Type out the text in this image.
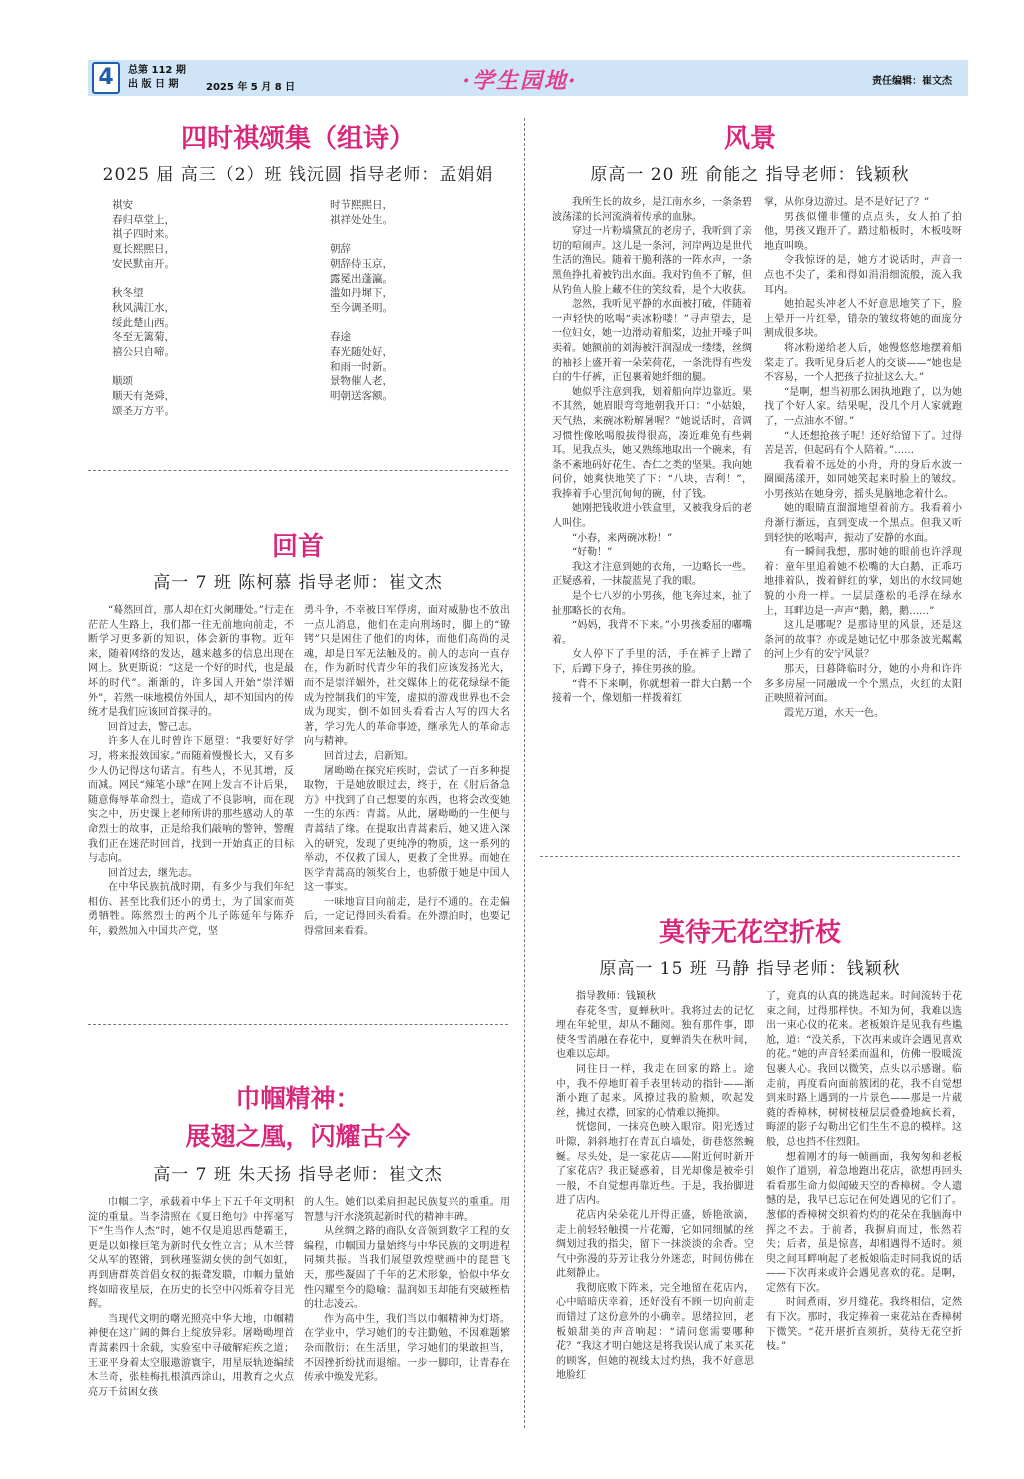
4	总第 112 期
出 版 日 期	2025 年 5 月 8 日	·学生园地·	责任编辑：崔文杰
四时祺颂集（组诗）
2025 届 高三（2）班 钱沅圆 指导老师：孟娟娟
祺安
春归草堂上，
祺子四时来。
夏长熙熙日，
安民默亩开。

秋冬望
秋风满江水，
绥此楚山西。
冬至无篱菊，
禧公只自啼。

顺颂
顺天有尧舜，
颂圣万方平。
时节熙熙日，
祺祥处处生。

朝辞
朝辞侍玉京，
露冕出蓬瀛。
滥如丹墀下，
至今调圣明。

春途
春光随处好，
和雨一时新。
景物催人老，
明朝送客额。
回首
高一 7 班 陈柯慕 指导老师：崔文杰

“蓦然回首，那人却在灯火阑珊处。”行走在茫茫人生路上，我们都一往无前地向前走，不断学习更多新的知识，体会新的事物。近年来，随着网络的发达，越来越多的信息出现在网上。狄更斯说：“这是一个好的时代，也是最坏的时代”。渐渐的，许多国人开始“崇洋媚外”，若然一味地模仿外国人，却不知国内的传统才是我们应该回首探寻的。

回首过去，警己志。

许多人在儿时曾许下愿望：“我要好好学习，将来报效国家。”而随着慢慢长大，又有多少人仍记得这句诺言。有些人，不见其增，反而减。网民“辣笔小球”在网上发言不计后果，随意侮辱革命烈士，造成了不良影响，而在现实之中，历史课上老师所讲的那些感动人的革命烈士的故事，正是给我们敲响的警钟，警醒我们正在迷茫时回首，找到一开始真正的目标与志向。

回首过去，继先志。

在中华民族抗战时期，有多少与我们年纪相仿、甚至比我们还小的勇士，为了国家而英勇牺牲。陈然烈士的两个儿子陈延年与陈乔年，毅然加入中国共产党，坚

勇斗争，不幸被日军俘虏，面对威胁也不放出一点儿消息，他们在走向刑场时，脚上的“镣铐”只是困住了他们的肉体，而他们高尚的灵魂，却是日军无法触及的。前人的志向一直存在，作为新时代青少年的我们应该发扬光大，而不是崇洋媚外，社交媒体上的花花绿绿不能成为控制我们的牢笼，虚拟的游戏世界也不会成为现实，倒不如回头看看古人写的四大名著，学习先人的革命事迹，继承先人的革命志向与精神。

回首过去，启新知。

屠呦呦在探究疟疾时，尝试了一百多种提取物，于是她放眼过去，终于，在《肘后备急方》中找到了自己想要的东西，也将会改变她一生的东西：青蒿。从此，屠呦呦的一生便与青蒿结了缘。在提取出青蒿素后，她又进入深入的研究，发现了更纯净的物质，这一系列的举动，不仅救了国人，更救了全世界。而她在医学青蒿高的领奖台上，也骄傲于她是中国人这一事实。

一味地盲目向前走，是行不通的。在走偏后，一定记得回头看看。在外漂泊时，也要记得常回来看看。

巾帼精神：
展翅之凰，闪耀古今
高一 7 班 朱天扬 指导老师：崔文杰

巾帼二字，承载着中华上下五千年文明积淀的重量。当李清照在《夏日绝句》中挥毫写下“生当作人杰”时，她不仅是追思西楚霸王，更是以如椽巨笔为新时代女性立言；从木兰替父从军的铿锵，到秋瑾鉴湖女侠的剑气如虹，再到唐群英首倡女权的振聋发聩，巾帼力量始终如暗夜星辰，在历史的长空中闪烁着夺目光辉。

当现代文明的曙光照亮中华大地，巾帼精神便在这广阔的舞台上绽放异彩。屠呦呦埋首青蒿素四十余载，实验室中寻破解疟疾之道；王亚平身着太空服遨游寰宇，用星辰轨迹编续木兰奇，张桂梅扎根滇西涂山，用教育之火点亮万千贫困女孩

的人生。她们以柔肩担起民族复兴的重重。用智慧与汗水浇筑起新时代的精神丰碑。

从丝绸之路的商队女音领到数字工程的女编程，巾帼国力量始终与中华民族的文明进程同频共振。当我们展望敦煌壁画中的琵琶飞天，那些凝固了千年的艺术形象，恰似中华女性闪耀至今的隐喻：温润如玉却能有突破桎梏的壮志凌云。

作为高中生，我们当以巾帼精神为灯塔。在学业中，学习她们的专注勤勉，不因难题繁杂而散衍；在生活里，学习她们的果敢担当，不因挫折纷扰而退缩。一步一脚印，让青春在传承中焕发光彩。

风景
原高一 20 班 俞能之 指导老师：钱颖秋

我所生长的故乡，是江南水乡，一条条碧波荡漾的长河流淌着传承的血脉。

穿过一片粉墙黛瓦的老房子，我听到了亲切的喧闹声。这儿是一条河，河岸两边是世代生活的渔民。随着干脆利落的一阵水声，一条黑鱼挣扎着被钓出水面。我对钓鱼不了解，但从钓鱼人脸上藏不住的笑纹看，是个大收获。

忽然，我听见平静的水面被打破，伴随着一声轻快的吆喝“卖冰粉喽！”寻声望去，是一位妇女，她一边滑动着船桨，边扯开嗓子叫卖着。她额前的刘海被汗润湿成一缕缕，丝绸的袖衫上盛开着一朵荣荷花，一条洗得有些发白的牛仔裤，正包裹着她纤细的腿。

她似乎注意到我，划着船向岸边靠近。果不其然，她眉眼弯弯地朝我开口：“小姑娘，天气热，来碗冰粉解暑喔？”她说话时，音调习惯性像吆喝般拔得很高，凑近难免有些刺耳。见我点头，她又熟练地取出一个碗来，有条不紊地码好花生、杏仁之类的坚果。我向她问价，她爽快地笑了下：“八块，吉利！”，我捧着手心里沉甸甸的碗，付了钱。

她刚把钱收进小铁盒里，又被我身后的老人叫住。

“小春，来两碗冰粉！”

“好勒！”

我这才注意到她的衣角，一边略长一些。正疑惑着，一抹靛蓝晃了我的眼。

是个七八岁的小男孩，他飞奔过来，扯了扯那略长的衣角。

“妈妈，我背不下来。”小男孩委屈的嘟嘴着。

女人停下了手里的活，手在裤子上蹭了下，后蹲下身子，捧住男孩的脸。

“背不下来啊，你就想着一群大白鹅一个接着一个，像划船一样拨着红

掌，从你身边游过。是不是好记了？”

男孩似懂非懂的点点头，女人拍了拍他，男孩又跑开了。踏过船板时，木板吱呀地直叫唤。

令我惊讶的是，她方才说话时，声音一点也不尖了，柔和得如涓涓细流般，流入我耳内。

她拍起头冲老人不好意思地笑了下，脸上晕开一片红晕，错杂的皱纹将她的面庞分割成很多块。

将冰粉递给老人后，她慢悠悠地摆着船桨走了。我听见身后老人的交谈——“她也是不容易，一个人把孩子拉扯这么大。”

“是啊，想当初那么困执地跑了，以为她找了个好人家。结果呢，没几个月人家就跑了，一点油水不留。”

“人还想抢孩子呢！还好给留下了。过得苦是苦，但起码有个人陪着。”……

我看着不远处的小舟，舟的身后水波一圈圈荡漾开，如同她笑起来时脸上的皱纹。小男孩站在她身旁，摇头晃脑地念着什么。

她的眼睛直溜溜地望着前方。我看着小舟渐行渐远，直到变成一个黑点。但我又听到轻快的吆喝声，振动了安静的水面。

有一瞬间我想，那时她的眼前也许浮现着：童年里追着她不松嘴的大白鹅，正乖巧地排着队，拨着鲜红的掌，划出的水纹同她貌的小舟一样。一层层蓬松的毛浮在绿水上，耳畔边是一声声“鹅，鹅，鹅……”

这儿是哪呢？是那诗里的风景，还是这条河的故事？亦或是她记忆中那条波光粼粼的河上少有的安宁风景？

那天，日暮降临时分，她的小舟和许许多多房屋一同融成一个个黑点，火红的太阳正映照着河面。

霞光万道，水天一色。

莫待无花空折枝
原高一 15 班 马静 指导老师：钱颖秋

指导教师：钱颖秋

春花冬雪，夏蝉秋叶。我将过去的记忆埋在年轮里，却从不翻阅。独有那件事，即使冬雪消融在春花中，夏蝉消失在秋叶间，也难以忘却。

同往日一样，我走在回家的路上。途中，我不停地盯着手表里转动的指针——渐渐小跑了起来。风撩过我的脸颊，吹起发丝，拂过衣襟，回家的心情难以掩抑。

恍惚间，一抹亮色映入眼帘。阳光透过叶隙，斜斜地打在青瓦白墙处，街巷悠然蜿蜒。尽头处，是一家花店——附近何时新开了家花店？我正疑惑着，目光却像是被牵引一般，不自觉想再靠近些。于是，我抬脚进进了店内。

花店内朵朵花儿开得正盛，娇艳欲滴，走上前轻轻触摸一片花瓣，它如同细腻的丝绸划过我的指尖，留下一抹淡淡的余香。空气中弥漫的芬芳让我分外迷恋，时间仿佛在此刻静止。

我彻底败下阵来，完全地留在花店内，心中暗暗庆幸着，还好没有不顾一切向前走而错过了这份意外的小确幸。思绪拉回，老板娘甜美的声音响起：“请问您需要哪种花？”我这才明白她这是将我误认成了来买花的顾客，但她的视线太过灼热，我不好意思地脸红

了，竟真的认真的挑选起来。时间流转于花束之间，过得那样快。不知为何，我难以选出一束心仪的花来。老板娘许是见我有些尴尬，道：“没关系，下次再来或许会遇见喜欢的花。”她的声音轻柔而温和，仿佛一股暖流包裹人心。我回以微笑，点头以示感谢。临走前，再度看向面前簇团的花，我不自觉想到来时路上遇到的一片景色——那是一片葳蕤的香樟林，树树枝桠层层叠叠地疯长着，晦涩的影子勾勒出它们生生不息的模样。这般，总也挡不住烈阳。

想着刚才的每一帧画面，我匆匆和老板娘作了道别，着急地跑出花店，欲想再回头看看那生命力似闻破天空的香樟树。令人遗憾的是，我早已忘记在何处遇见的它们了。葱郁的香樟树交织着灼灼的花朵在我脑海中挥之不去。于前者，我摒肩而过，怅然若失；后者，虽是惊喜，却相遇得不适时。须臾之间耳畔响起了老板娘临走时同我说的话——下次再来或许会遇见喜欢的花。是啊，定然有下次。

时间煮雨，岁月缝花。我终相信，定然有下次。那时，我定捧着一束花站在香樟树下微笑。“花开堪折直须折，莫待无花空折枝。”
